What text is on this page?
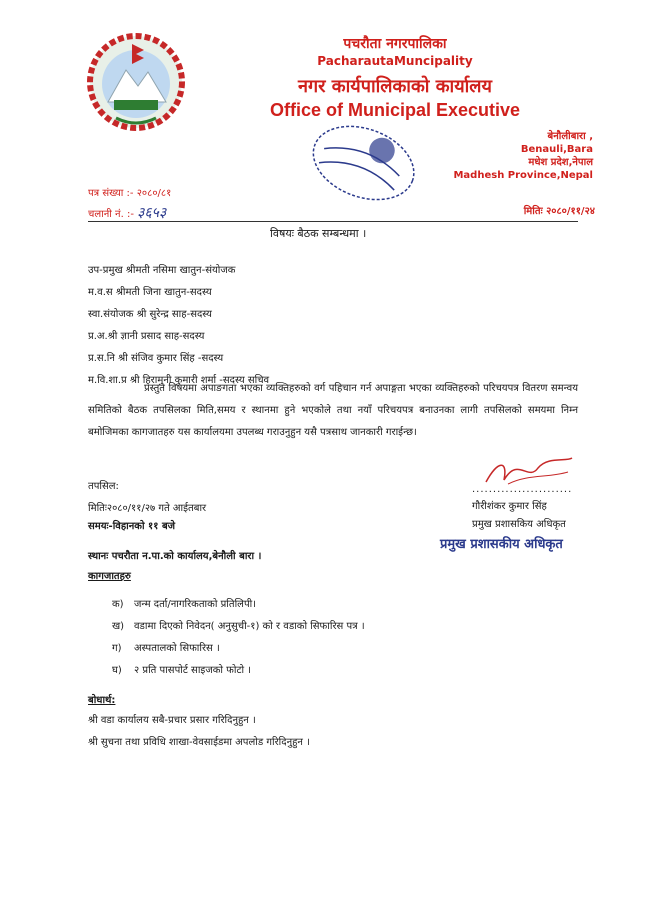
पचरौता नगरपालिका
PacharautaMuncipality
नगर कार्यपालिकाको कार्यालय
Office of Municipal Executive
बेनौलीबारा ,
Benauli,Bara
मधेश प्रदेश,नेपाल
Madhesh Province,Nepal
पत्र संख्या :- २०८०/८१
चलानी नं. :- ३६५३	मितिः २०८०/११/२४
विषयः बैठक सम्बन्धमा ।
उप-प्रमुख श्रीमती नसिमा खातुन-संयोजक
म.व.स श्रीमती जिना खातुन-सदस्य
स्वा.संयोजक श्री सुरेन्द्र साह-सदस्य
प्र.अ.श्री ज्ञानी प्रसाद साह-सदस्य
प्र.स.नि श्री संजिव कुमार सिंह -सदस्य
म.वि.शा.प्र श्री हिरामुनी कुमारी शर्मा -सदस्य सचिव
प्रस्तुत विषयमा अपाङगता भएका व्यक्तिहरुको वर्ग पहिचान गर्न अपाङ्गता भएका व्यक्तिहरुको परिचयपत्र वितरण समन्वय समितिको बैठक तपसिलका मिति,समय र स्थानमा हुने भएकोले तथा नयाँ परिचयपत्र बनाउनका लागी तपसिलको समयमा निम्न बमोजिमका कागजातहरु यस कार्यालयमा उपलब्ध गराउनुहुन यसै पत्रसाथ जानकारी गराईन्छ।
तपसिल:
मितिः२०८०/११/२७ गते आईतबार
समयः-विहानको ११ बजे
स्थानः पचरौता न.पा.को कार्यालय,बेनौली बारा ।
........................
गौरीशंकर कुमार सिंह
प्रमुख प्रशासकिय अधिकृत
प्रमुख प्रशासकीय अधिकृत
कागजातहरु
क) जन्म दर्ता/नागरिकताको प्रतिलिपी।
ख) वडामा दिएको निवेदन( अनुसुची-१) को र वडाको सिफारिस पत्र ।
ग) अस्पतालको सिफारिस ।
घ) २ प्रति पासपोर्ट साइजको फोटो ।
बोधार्थ:
श्री वडा कार्यालय सबै-प्रचार प्रसार गरिदिनुहुन ।
श्री सुचना तथा प्रविधि शाखा-वेवसाईडमा अपलोड गरिदिनुहुन ।
